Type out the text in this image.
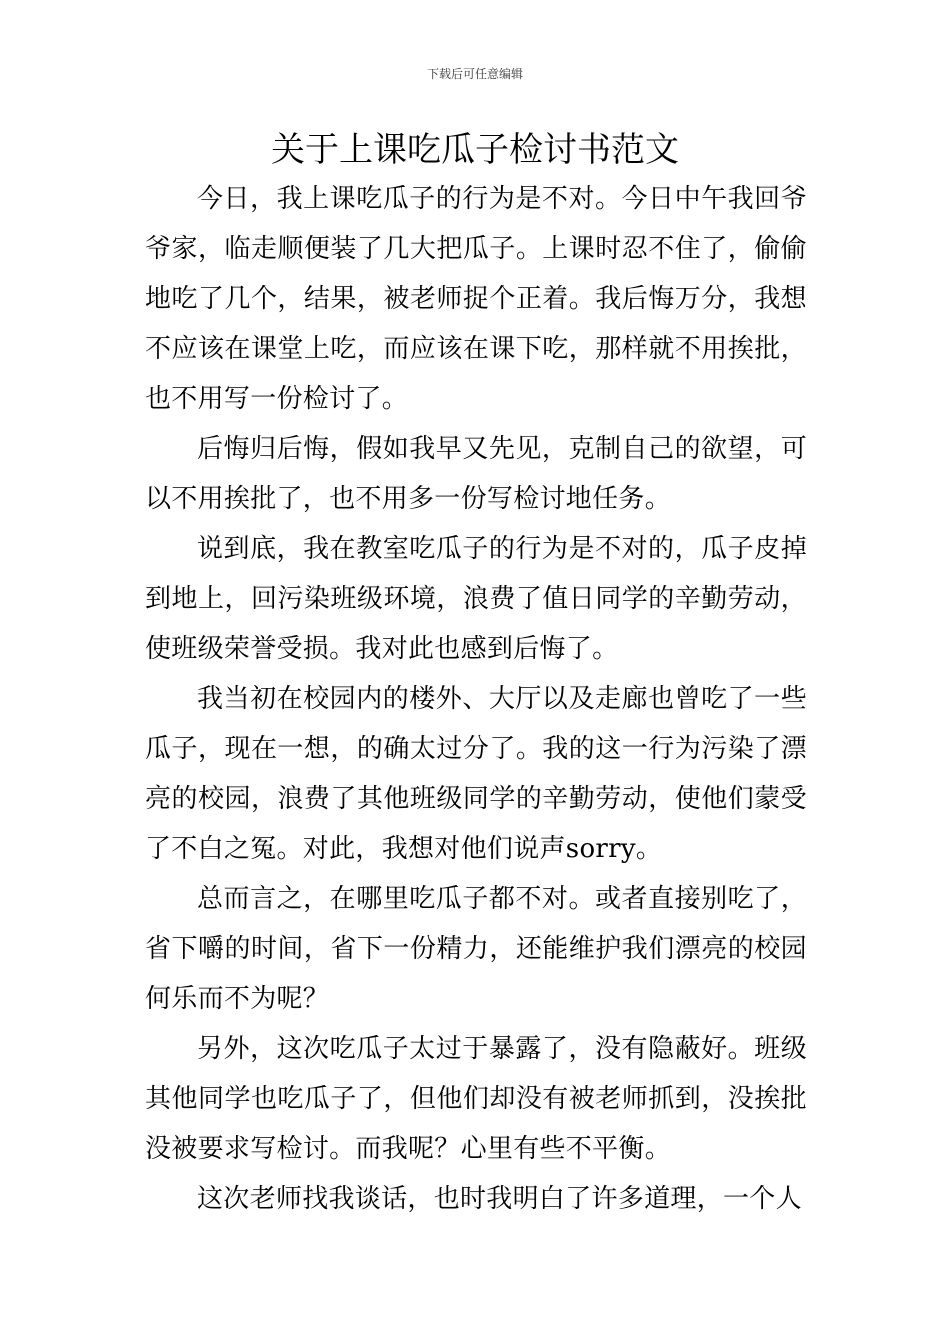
下载后可任意编辑
关于上课吃瓜子检讨书范文

今日，我上课吃瓜子的行为是不对。今日中午我回爷爷家，临走顺便装了几大把瓜子。上课时忍不住了，偷偷地吃了几个，结果，被老师捉个正着。我后悔万分，我想不应该在课堂上吃，而应该在课下吃，那样就不用挨批，也不用写一份检讨了。

后悔归后悔，假如我早又先见，克制自己的欲望，可以不用挨批了，也不用多一份写检讨地任务。

说到底，我在教室吃瓜子的行为是不对的，瓜子皮掉到地上，回污染班级环境，浪费了值日同学的辛勤劳动，使班级荣誉受损。我对此也感到后悔了。

我当初在校园内的楼外、大厅以及走廊也曾吃了一些瓜子，现在一想，的确太过分了。我的这一行为污染了漂亮的校园，浪费了其他班级同学的辛勤劳动，使他们蒙受了不白之冤。对此，我想对他们说声sorry。

总而言之，在哪里吃瓜子都不对。或者直接别吃了，省下嚼的时间，省下一份精力，还能维护我们漂亮的校园何乐而不为呢？

另外，这次吃瓜子太过于暴露了，没有隐蔽好。班级其他同学也吃瓜子了，但他们却没有被老师抓到，没挨批没被要求写检讨。而我呢？心里有些不平衡。

这次老师找我谈话，也时我明白了许多道理，一个人
